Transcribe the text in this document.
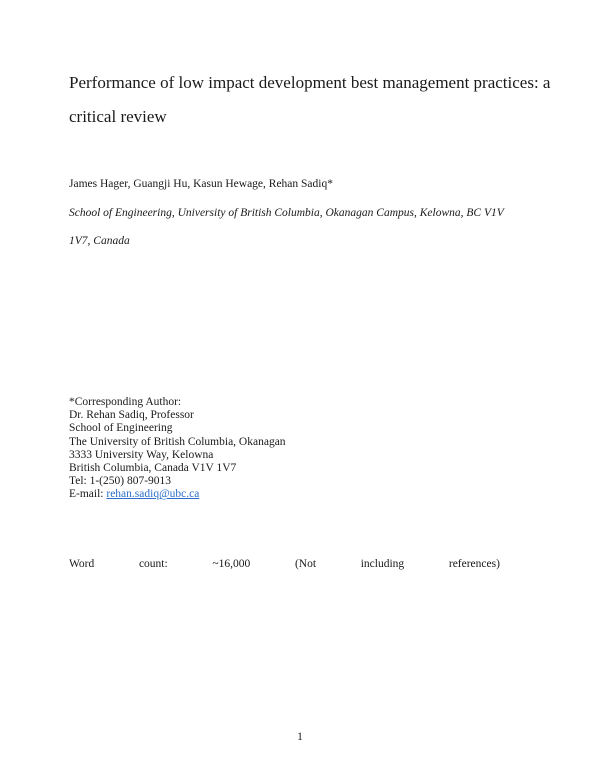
Performance of low impact development best management practices: a
critical review
James Hager, Guangji Hu, Kasun Hewage, Rehan Sadiq*
School of Engineering, University of British Columbia, Okanagan Campus, Kelowna, BC V1V
1V7, Canada
*Corresponding Author:
Dr. Rehan Sadiq, Professor
School of Engineering
The University of British Columbia, Okanagan
3333 University Way, Kelowna
British Columbia, Canada V1V 1V7
Tel: 1-(250) 807-9013
E-mail: rehan.sadiq@ubc.ca
Word	count:	~16,000	(Not	including	references)
1
